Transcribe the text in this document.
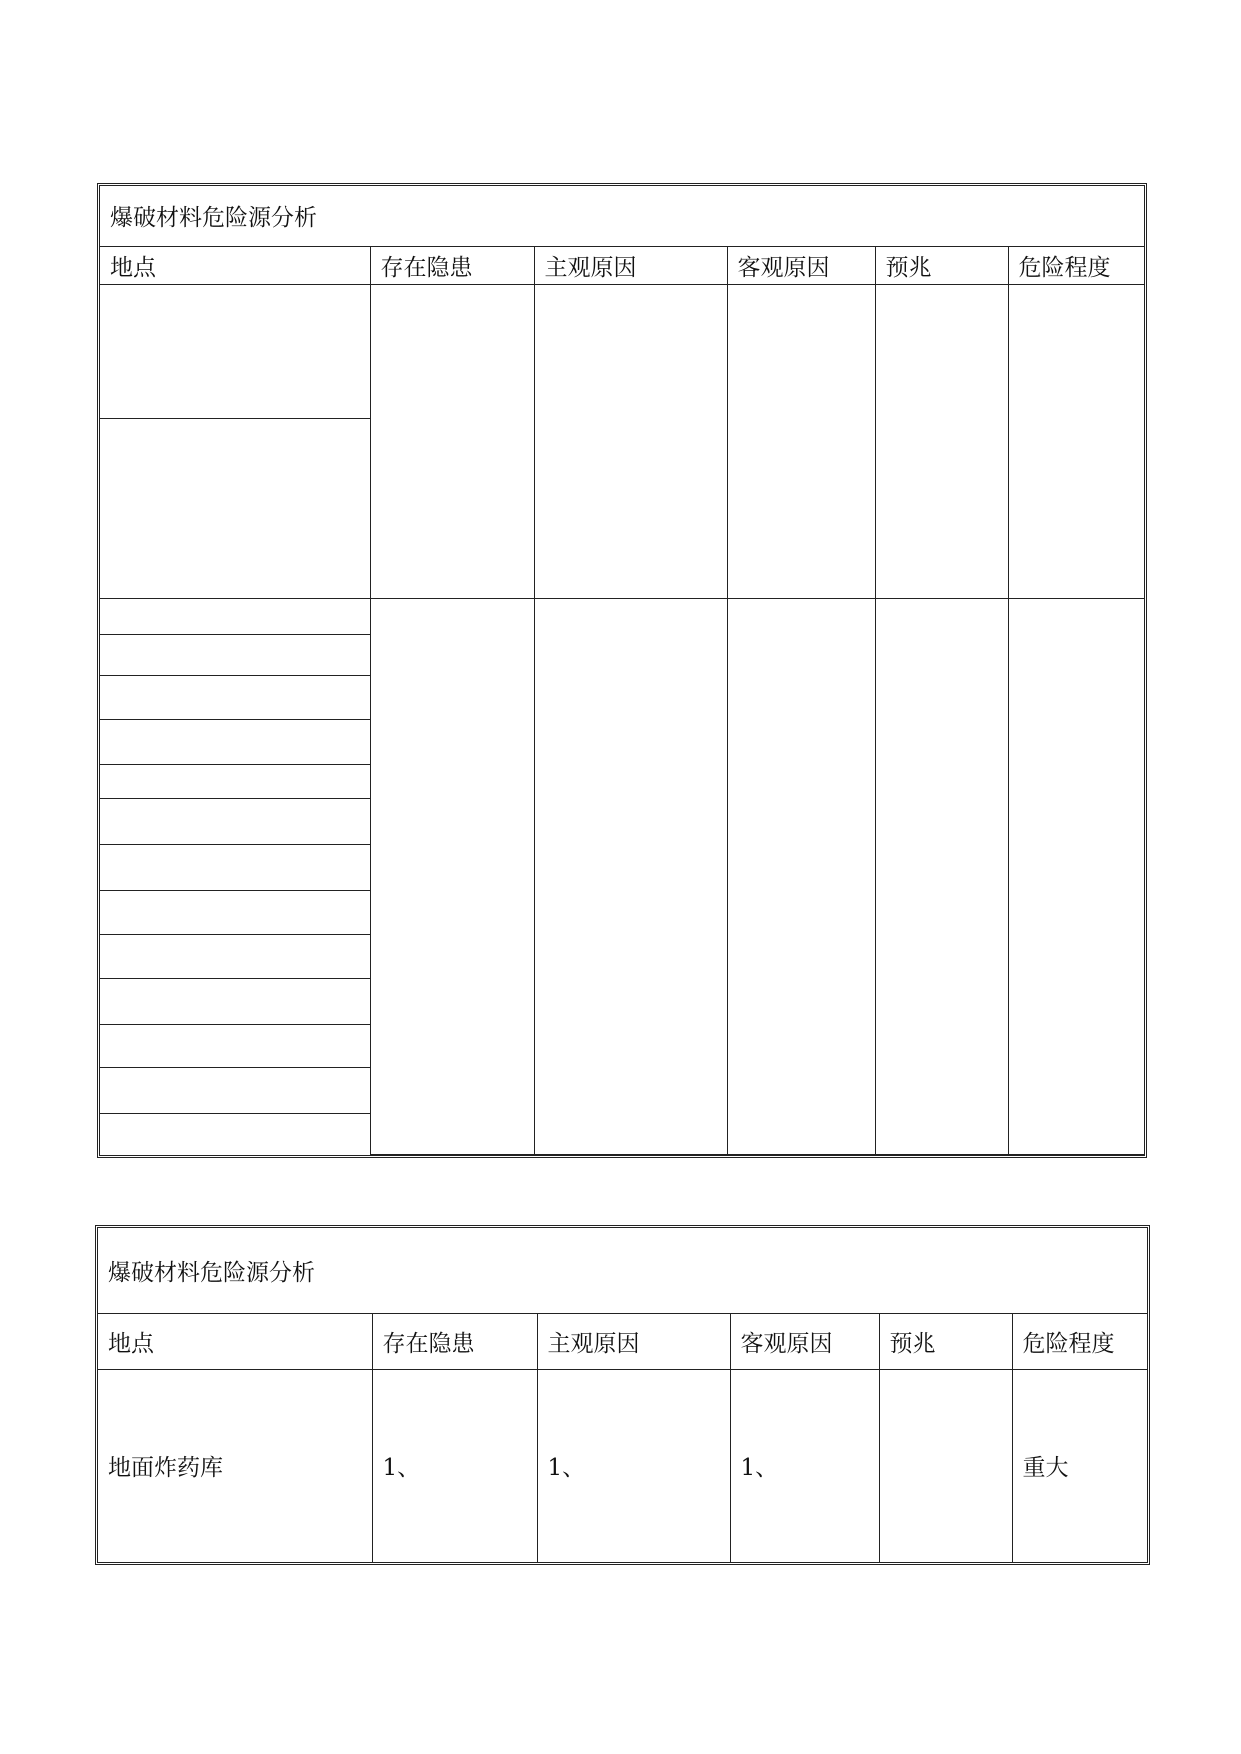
爆破材料危险源分析					
地点	存在隐患	主观原因	客观原因	预兆	危险程度

爆破材料危险源分析					
地点	存在隐患	主观原因	客观原因	预兆	危险程度
地面炸药库	1、	1、	1、		重大
